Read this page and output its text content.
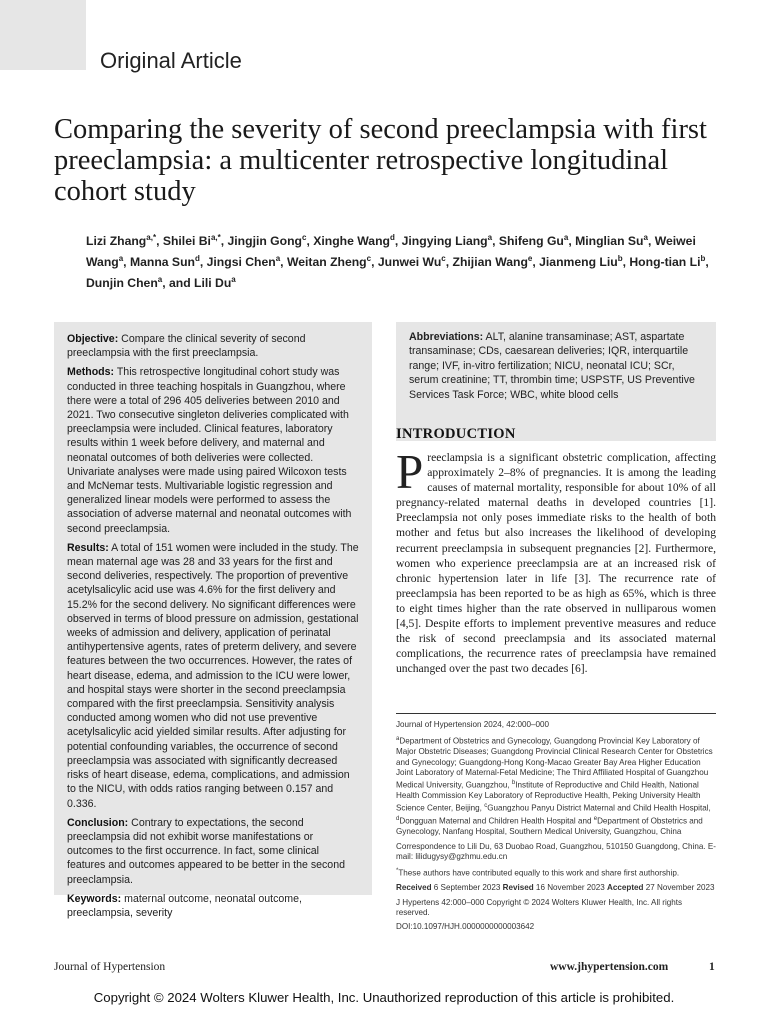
Original Article
Comparing the severity of second preeclampsia with first preeclampsia: a multicenter retrospective longitudinal cohort study
Lizi Zhang$^{a,*}$, Shilei $Bi^{a,*}$, Jingjin Gong$^c$, Xinghe Wang$^d$, Jingying Liang$^a$, Shifeng Gu$^a$, Minglian Su$^a$, Weiwei Wang$^a$, Manna Sun$^d$, Jingsi Chen$^a$, Weitan Zheng$^c$, Junwei Wu$^c$, Zhijian Wang$^e$, Jianmeng Liu$^b$, Hong-tian Li$^b$, Dunjin Chen$^a$, and Lili Du$^a$

Objective: Compare the clinical severity of second preeclampsia with the first preeclampsia.

Methods: This retrospective longitudinal cohort study was conducted in three teaching hospitals in Guangzhou, where there were a total of 296 405 deliveries between 2010 and 2021. Two consecutive singleton deliveries complicated with preeclampsia were included. Clinical features, laboratory results within 1 week before delivery, and maternal and neonatal outcomes of both deliveries were collected. Univariate analyses were made using paired Wilcoxon tests and McNemar tests. Multivariable logistic regression and generalized linear models were performed to assess the association of adverse maternal and neonatal outcomes with second preeclampsia.

Results: A total of 151 women were included in the study. The mean maternal age was 28 and 33 years for the first and second deliveries, respectively. The proportion of preventive acetylsalicylic acid use was 4.6% for the first delivery and 15.2% for the second delivery. No significant differences were observed in terms of blood pressure on admission, gestational weeks of admission and delivery, application of perinatal antihypertensive agents, rates of preterm delivery, and severe features between the two occurrences. However, the rates of heart disease, edema, and admission to the ICU were lower, and hospital stays were shorter in the second preeclampsia compared with the first preeclampsia. Sensitivity analysis conducted among women who did not use preventive acetylsalicylic acid yielded similar results. After adjusting for potential confounding variables, the occurrence of second preeclampsia was associated with significantly decreased risks of heart disease, edema, complications, and admission to the NICU, with odds ratios ranging between 0.157 and 0.336.

Conclusion: Contrary to expectations, the second preeclampsia did not exhibit worse manifestations or outcomes to the first occurrence. In fact, some clinical features and outcomes appeared to be better in the second preeclampsia.

Keywords: maternal outcome, neonatal outcome, preeclampsia, severity

Abbreviations: ALT, alanine transaminase; AST, aspartate transaminase; CDs, caesarean deliveries; IQR, interquartile range; IVF, in-vitro fertilization; NICU, neonatal ICU; SCr, serum creatinine; TT, thrombin time; USPSTF, US Preventive Services Task Force; WBC, white blood cells

INTRODUCTION

Preeclampsia is a significant obstetric complication, affecting approximately 2–8% of pregnancies. It is among the leading causes of maternal mortality, responsible for about 10% of all pregnancy-related maternal deaths in developed countries [1]. Preeclampsia not only poses immediate risks to the health of both mother and fetus but also increases the likelihood of developing recurrent preeclampsia in subsequent pregnancies [2]. Furthermore, women who experience preeclampsia are at an increased risk of chronic hypertension later in life [3]. The recurrence rate of preeclampsia has been reported to be as high as 65%, which is three to eight times higher than the rate observed in nulliparous women [4,5]. Despite efforts to implement preventive measures and reduce the risk of second preeclampsia and its associated maternal complications, the recurrence rates of preeclampsia have remained unchanged over the past two decades [6].

Journal of Hypertension 2024, 42:000–000

$^a$Department of Obstetrics and Gynecology, Guangdong Provincial Key Laboratory of Major Obstetric Diseases; Guangdong Provincial Clinical Research Center for Obstetrics and Gynecology; Guangdong-Hong Kong-Macao Greater Bay Area Higher Education Joint Laboratory of Maternal-Fetal Medicine; The Third Affiliated Hospital of Guangzhou Medical University, Guangzhou, $^b$Institute of Reproductive and Child Health, National Health Commission Key Laboratory of Reproductive Health, Peking University Health Science Center, Beijing, $^c$Guangzhou Panyu District Maternal and Child Health Hospital, $^d$Dongguan Maternal and Children Health Hospital and $^e$Department of Obstetrics and Gynecology, Nanfang Hospital, Southern Medical University, Guangzhou, China

Correspondence to Lili Du, 63 Duobao Road, Guangzhou, 510150 Guangdong, China. E-mail: lilidugysy@gzhmu.edu.cn

*These authors have contributed equally to this work and share first authorship.

Received 6 September 2023 Revised 16 November 2023 Accepted 27 November 2023

J Hypertens 42:000–000 Copyright © 2024 Wolters Kluwer Health, Inc. All rights reserved.

DOI:10.1097/HJH.0000000000003642

Journal of Hypertension	www.jhypertension.com	1
Copyright © 2024 Wolters Kluwer Health, Inc. Unauthorized reproduction of this article is prohibited.
